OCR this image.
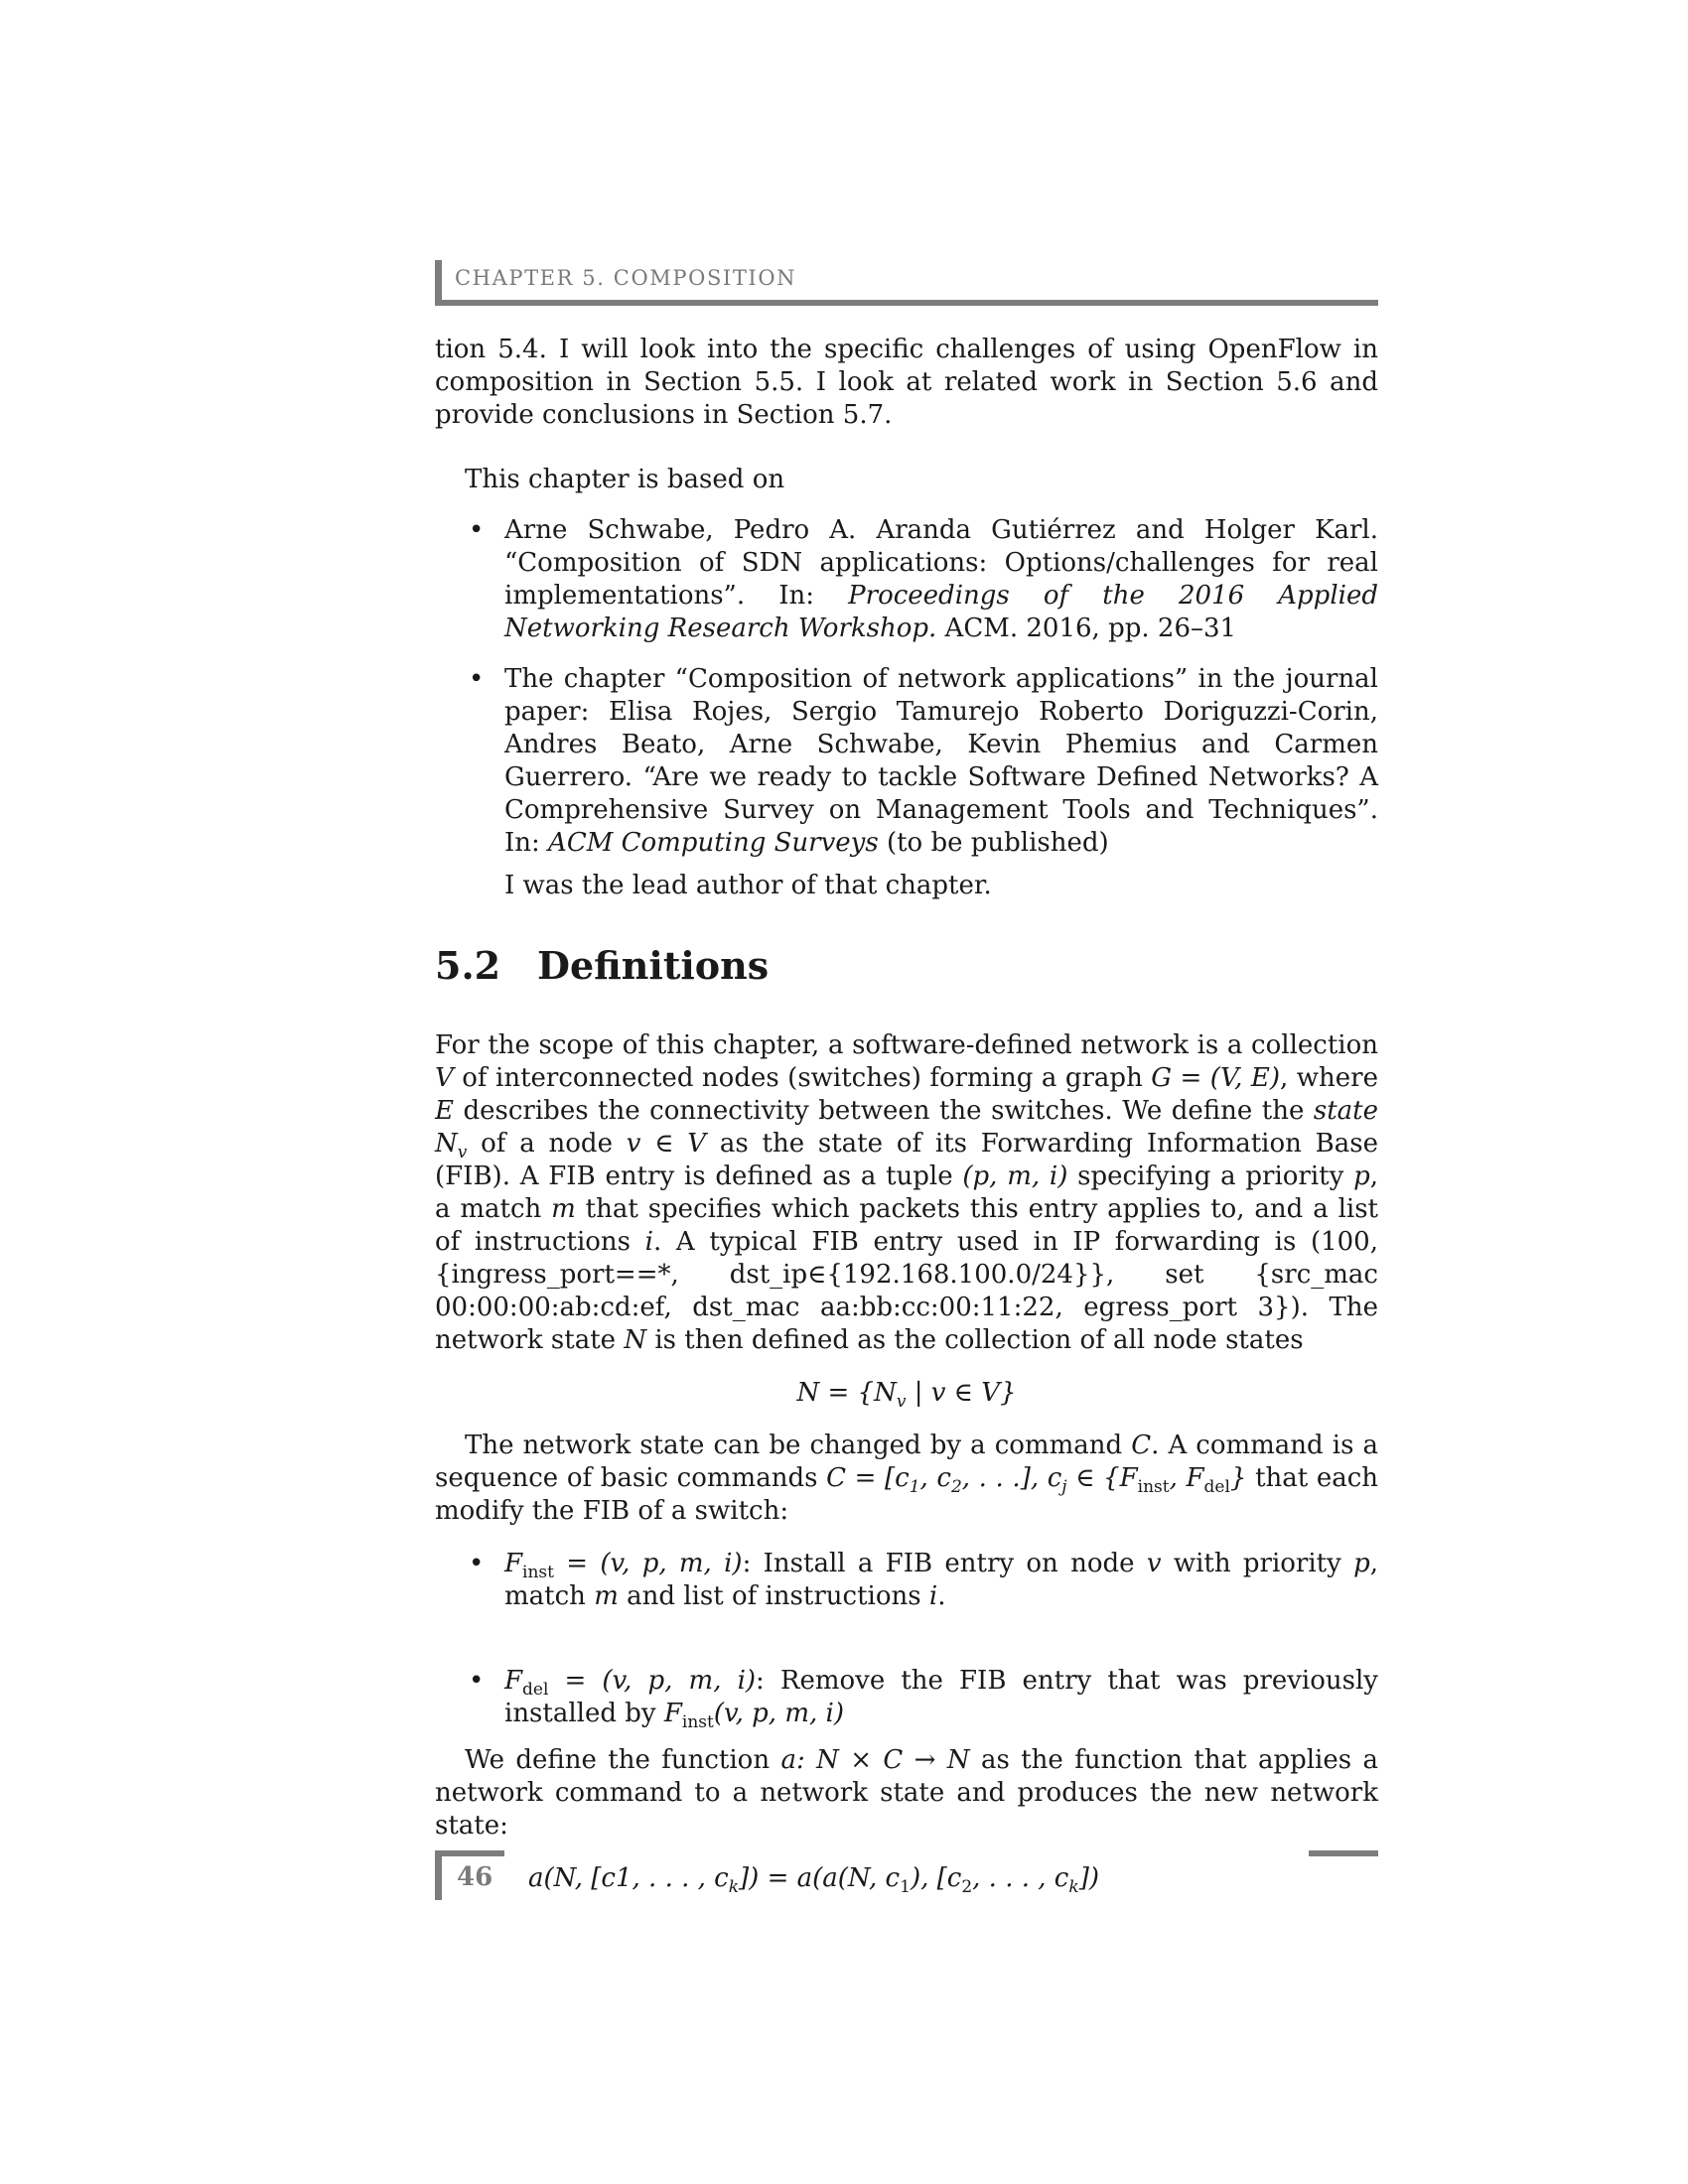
CHAPTER 5. COMPOSITION

tion 5.4. I will look into the specific challenges of using OpenFlow in composition in Section 5.5. I look at related work in Section 5.6 and provide conclusions in Section 5.7.

This chapter is based on

• Arne Schwabe, Pedro A. Aranda Gutiérrez and Holger Karl. “Composition of SDN applications: Options/challenges for real implementations”. In: Proceedings of the 2016 Applied Networking Research Workshop. ACM. 2016, pp. 26–31
• The chapter “Composition of network applications” in the journal paper: Elisa Rojes, Sergio Tamurejo Roberto Doriguzzi-Corin, Andres Beato, Arne Schwabe, Kevin Phemius and Carmen Guerrero. “Are we ready to tackle Software Defined Networks? A Comprehensive Survey on Management Tools and Techniques”. In: ACM Computing Surveys (to be published)

I was the lead author of that chapter.

5.2 Definitions

For the scope of this chapter, a software-defined network is a collection V of interconnected nodes (switches) forming a graph G = (V, E), where E describes the connectivity between the switches. We define the state $N_v$ of a node v ∈ V as the state of its Forwarding Information Base (FIB). A FIB entry is defined as a tuple (p, m, i) specifying a priority p, a match m that specifies which packets this entry applies to, and a list of instructions i. A typical FIB entry used in IP forwarding is (100, {ingress_port==*, dst_ip∈{192.168.100.0/24}}, set {src_mac 00:00:00:ab:cd:ef, dst_mac aa:bb:cc:00:11:22, egress_port 3}). The network state N is then defined as the collection of all node states

$N = \{N_v$ | v ∈ V}

The network state can be changed by a command C. A command is a sequence of basic commands $C = [c_1$, $c_2$, . . .], $c_j$ ∈ {$F_{inst}$, $F_{del}$} that each modify the FIB of a switch:

• $F_{inst} = (v$, p, m, i): Install a FIB entry on node v with priority p, match m and list of instructions i.
• $F_{del} = (v$, p, m, i): Remove the FIB entry that was previously installed by $F_{inst}(v$, p, m, i)

We define the function a: N × C → N as the function that applies a network command to a network state and produces the new network state:

a(N, [c1, . . . , $c_k]) = a(a(N$, $c_1$), [$c_2$, . . . , $c_k$])

46
